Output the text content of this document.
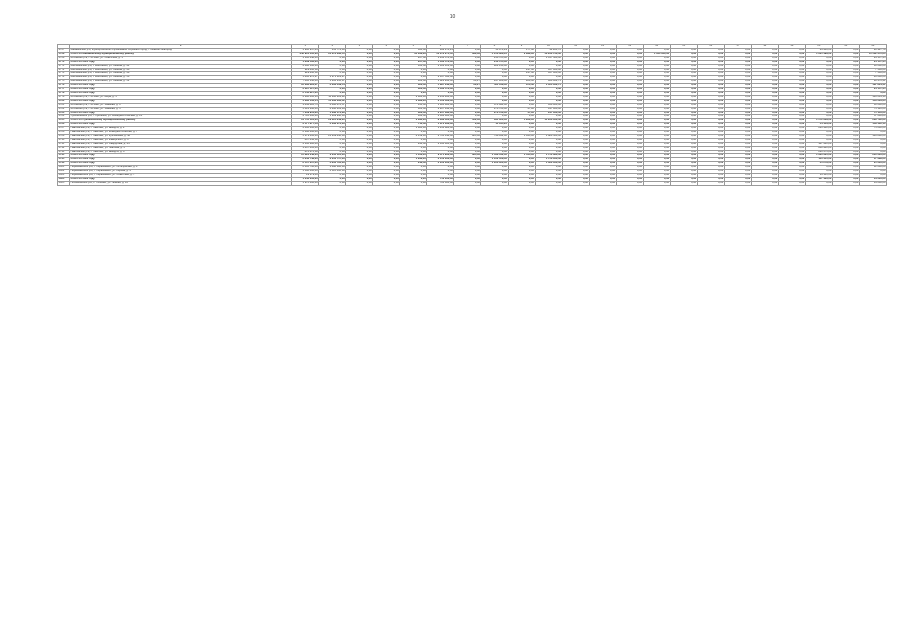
10
	a	1	2	3	4	5	6	7	8	9	10	11	12	13	14	15	16	17	18	19	20	21	22
4767	Канавинский р-н, муниципальное образование Сормовск город, г. Нижний Новгород	1 900 937,83	131 774,00	0,00	0,00	660,00	962 474,23	0,00	13 473,29	177,00	44 281,70	0,00	0,00	0,00	0,00	0,00	0,00	0,00	0,00	0,00	29 940,00	0,00	20 997,78
4768	Итого по Канавинскому муниципальному району	242 910 435,20	10 376 296,55	0,00	0,00	34 038,00	13 070 271,45	490,00	5 156 666,10	2 990,00	10 260 700,00	0,00	0,00	0,00	1 040 640,00	0,00	0,00	0,00	0,00	0,00	1 601 498,00	0,00	11 562 372,04
4769	Кстовский р-н, г. Кстово, ул. Советская, д. 1	3 100 048,00	0,00	0,00	0,00	267,00	1 436 576,00	0,00	210 705,00	0,00	1 017 500,00	0,00	0,00	0,00	0,00	0,00	0,00	0,00	0,00	0,00	0,00	0,00	24 157,45
4770	Итого по 2021 году	1 869 580,00	0,00	0,00	0,00	267,00	1 436 576,00	0,00	210 705,00	0,00	0,00	0,00	0,00	0,00	0,00	0,00	0,00	0,00	0,00	0,00	0,00	0,00	24 157,45
4771	Княгининский р-н, г. Княгинино, ул. Ленина, д. 44	4 080 500,00	0,00	0,00	0,00	128,00	2 016 123,00	0,00	284 130,00	0,00	0,00	0,00	0,00	0,00	0,00	0,00	0,00	0,00	0,00	0,00	0,00	0,00	30 002,00
4772	Княгининский р-н, г. Княгинино, ул. Ленина, д. 46	929 860,00	0,00	0,00	0,00	0,00	0,00	0,00	0,00	297,00	367 000,00	0,00	0,00	0,00	0,00	0,00	0,00	0,00	0,00	0,00	0,00	0,00	7 566,00
4773	Княгининский р-н, г. Княгинино, ул. Ленина, д. 48	929 860,00	0,00	0,00	0,00	0,00	0,00	0,00	0,00	297,00	367 000,00	0,00	0,00	0,00	0,00	0,00	0,00	0,00	0,00	0,00	0,00	0,00	7 566,00
4774	Княгининский р-н, г. Княгинино, ул. Ленина, д. 50	1 836 970,37	1 371 123,47	0,00	0,00	0,00	2 057 568,00	0,00	0,00	0,00	0,00	0,00	0,00	0,00	0,00	0,00	0,00	0,00	0,00	0,00	0,00	0,00	46 200,00
4775	Княгининский р-н, г. Княгинино, ул. Ленина, д. 52	7 006 130,00	1 262 316,07	0,00	0,00	326,00	1 823 268,00	60,27	247 188,00	280,00	920 002,75	0,00	0,00	0,00	0,00	0,00	0,00	0,00	0,00	0,00	0,00	0,00	96 470,41
4776	Итого по 2021 году	12 082 826,37	2 633 439,54	0,00	0,00	326,00	5 897 048,00	60,27	531 318,00	874,00	1 654 002,75	0,00	0,00	0,00	0,00	0,00	0,00	0,00	0,00	0,00	0,00	0,00	187 804,41
4777	Итого по 2022 году	3 697 127,00	0,00	0,00	0,00	326,00	1 436 576,00	0,00	0,00	0,00	0,00	0,00	0,00	0,00	0,00	0,00	0,00	0,00	0,00	0,00	0,00	0,00	24 157,45
4778	Итого по 2023 году	2 540 827,00	0,00	0,00	0,00	0,00	0,00	0,00	0,00	0,00	0,00	0,00	0,00	0,00	0,00	0,00	0,00	0,00	0,00	0,00	0,00	0,00	0,00
4779	Кстовский р-н, г. Кстово, ул. Мира, д. 5	4 280 006,16	11 308 283,42	0,00	0,00	2 388,00	2 456 428,00	0,00	0,00	0,00	0,00	0,00	0,00	0,00	0,00	0,00	0,00	0,00	0,00	0,00	0,00	0,00	146 003,34
4780	Итого по 2024 году	4 680 106,14	11 308 283,42	0,00	0,00	2 388,00	2 456 428,00	0,00	0,00	0,00	0,00	0,00	0,00	0,00	0,00	0,00	0,00	0,00	0,00	0,00	0,00	0,00	146 003,34
4781	Кстовский р-н, г. Кстово, ул. Чванова, д. 3	3 844 826,71	2 008 476,57	0,00	0,00	350,00	1 865 000,00	0,00	473 894,00	0,00	360 000,00	0,00	0,00	0,00	0,00	0,00	0,00	0,00	0,00	0,00	0,00	0,00	61 000,00
4782	Кстовский р-н, г. Кстово, ул. Чванова, д. 5	5 014 308,00	2 668 603,83	0,00	0,00	326,00	2 207 393,00	0,00	270 760,00	47,00	917 000,00	0,00	0,00	0,00	0,00	0,00	0,00	0,00	0,00	0,00	0,00	0,00	75 140,00
4783	Итого по 2025 году	7 009 901,80	1 668 173,80	0,00	0,00	326,00	2 207 393,00	0,00	270 760,00	47,00	917 000,00	0,00	0,00	0,00	0,00	0,00	0,00	0,00	0,00	0,00	0,00	0,00	75 140,00
4784	Лукояновский р-н, г. Лукоянов, ул. Коммунистическая, д. 25	4 710 000,00	1 399 990,00	0,00	0,00	128,00	2 008 000,00	0,00	0,00	0,00	0,00	0,00	0,00	0,00	0,00	0,00	0,00	0,00	0,00	0,00	0,00	0,00	57 200,80
4785	Итого по Лукояновскому муниципальному району	14 755 120,00	19 325 849,85	0,00	0,00	3 092,00	8 668 423,00	502,00	841 000,00	1 280,00	11 263 000,00	0,00	0,00	0,00	0,00	0,00	0,00	0,00	0,00	0,00	1 172 669,00	0,00	280 732,00
4786	Итого по 2021 году	3 577 877,56	2 308 070,00	0,00	0,00	712,00	1 372 068,00	0,00	11 045,20	0,00	0,00	0,00	0,00	0,00	0,00	0,00	0,00	0,00	0,00	0,00	54 143,00	0,00	149 402,10
4787	Павловский р-н, г. Павлово, ул. Шмидта, д. 2	4 000 000,00	0,00	0,00	0,00	1 860,00	1 456 888,00	0,00	0,00	0,00	0,00	0,00	0,00	0,00	0,00	0,00	0,00	0,00	0,00	0,00	226 388,00	0,00	75 000,00
4788	Павловский р-н, г. Павлово, ул. Коммунистическая, д. 7	2 190 000,00	0,00	0,00	0,00	0,00	0,00	0,00	0,00	0,00	0,00	0,00	0,00	0,00	0,00	0,00	0,00	0,00	0,00	0,00	0,00	0,00	0,00
4789	Павловский р-н, г. Павлово, ул. Куйбышева, д. 48	5 679 495,00	14 269 830,00	0,00	0,00	4 159,00	2 765 018,00	485,00	798 442,00	1 445,00	1 880 500,00	0,00	0,00	0,00	0,00	0,00	0,00	0,00	0,00	0,00	0,00	0,00	146 880,00
4790	Павловский р-н, г. Павлово, ул. Фаворского, д. 3	807 442,00	0,00	0,00	0,00	0,00	0,00	0,00	0,00	0,00	0,00	0,00	0,00	0,00	0,00	0,00	0,00	0,00	0,00	0,00	0,00	0,00	0,00
4791	Павловский р-н, г. Павлово, ул. Свердлова, д. 44	4 166 280,00	0,00	0,00	0,00	296,00	2 050 000,00	0,00	0,00	0,00	0,00	0,00	0,00	0,00	0,00	0,00	0,00	0,00	0,00	0,00	187 460,00	0,00	0,00
4792	Павловский р-н, г. Павлово, ул. Чкалова, д. 5	3 867 065,00	0,00	0,00	0,00	0,00	0,00	0,00	0,00	0,00	0,00	0,00	0,00	0,00	0,00	0,00	0,00	0,00	0,00	0,00	248 980,00	0,00	0,00
4793	Павловский р-н, г. Павлово, ул. Шмидта, д. 6	876 475,00	0,00	0,00	0,00	0,00	0,00	0,00	0,00	0,00	0,00	0,00	0,00	0,00	0,00	0,00	0,00	0,00	0,00	0,00	230 473,00	0,00	0,00
4794	Итого по 2021 году	15 826 048,00	6 811 124,00	0,00	0,00	5 108,00	9 471 906,00	485,00	1 598 442,00	1 445,00	1 750 680,00	0,00	0,00	0,00	0,00	0,00	0,00	0,00	0,00	0,00	1 080 381,00	0,00	265 000,00
4795	Итого по 2022 году	2 843 748,00	3 053 717,00	0,00	0,00	1 298,00	2 150 000,00	0,00	1 102 458,00	0,00	1 756 000,00	0,00	0,00	0,00	0,00	0,00	0,00	0,00	0,00	0,00	110 441,00	0,00	17 388,00
4796	Итого по 2023 году	6 507 007,00	4 856 791,00	0,00	0,00	248,00	2 050 000,00	0,00	1 000 000,00	0,00	1 600 000,00	0,00	0,00	0,00	0,00	0,00	0,00	0,00	0,00	0,00	45 278,00	0,00	21 000,00
4801	Первомайский р-н, г. Первомайск, ул. Октябрьская, д. 2	2 095 760,00	1 098 128,00	0,00	0,00	0,00	0,00	0,00	0,00	0,00	0,00	0,00	0,00	0,00	0,00	0,00	0,00	0,00	0,00	0,00	0,00	0,00	12 000,00
4802	Первомайский р-н, г. Первомайск, ул. Кирова, д. 4	1 590 000,00	2 510 000,00	0,00	0,00	0,00	0,00	0,00	0,00	0,00	0,00	0,00	0,00	0,00	0,00	0,00	0,00	0,00	0,00	0,00	0,00	0,00	0,00
4803	Первомайский р-н, г. Первомайск, ул. Советская, д. 7	29 379,00	0,00	0,00	0,00	0,00	0,00	0,00	0,00	0,00	0,00	0,00	0,00	0,00	0,00	0,00	0,00	0,00	0,00	0,00	19 101,00	0,00	0,00
4804	Итого по 2022 году	1 640 000,00	0,00	0,00	0,00	0,00	750 000,00	0,00	0,00	0,00	0,00	0,00	0,00	0,00	0,00	0,00	0,00	0,00	0,00	0,00	117 180,00	0,00	34 000,00
4805	Починковский р-н, с. Починки, ул. Ленина, д. 12	1 970 000,00	0,00	0,00	0,00	0,00	786 000,00	0,00	0,00	0,00	0,00	0,00	0,00	0,00	0,00	0,00	0,00	0,00	0,00	0,00	0,00	0,00	34 000,00
